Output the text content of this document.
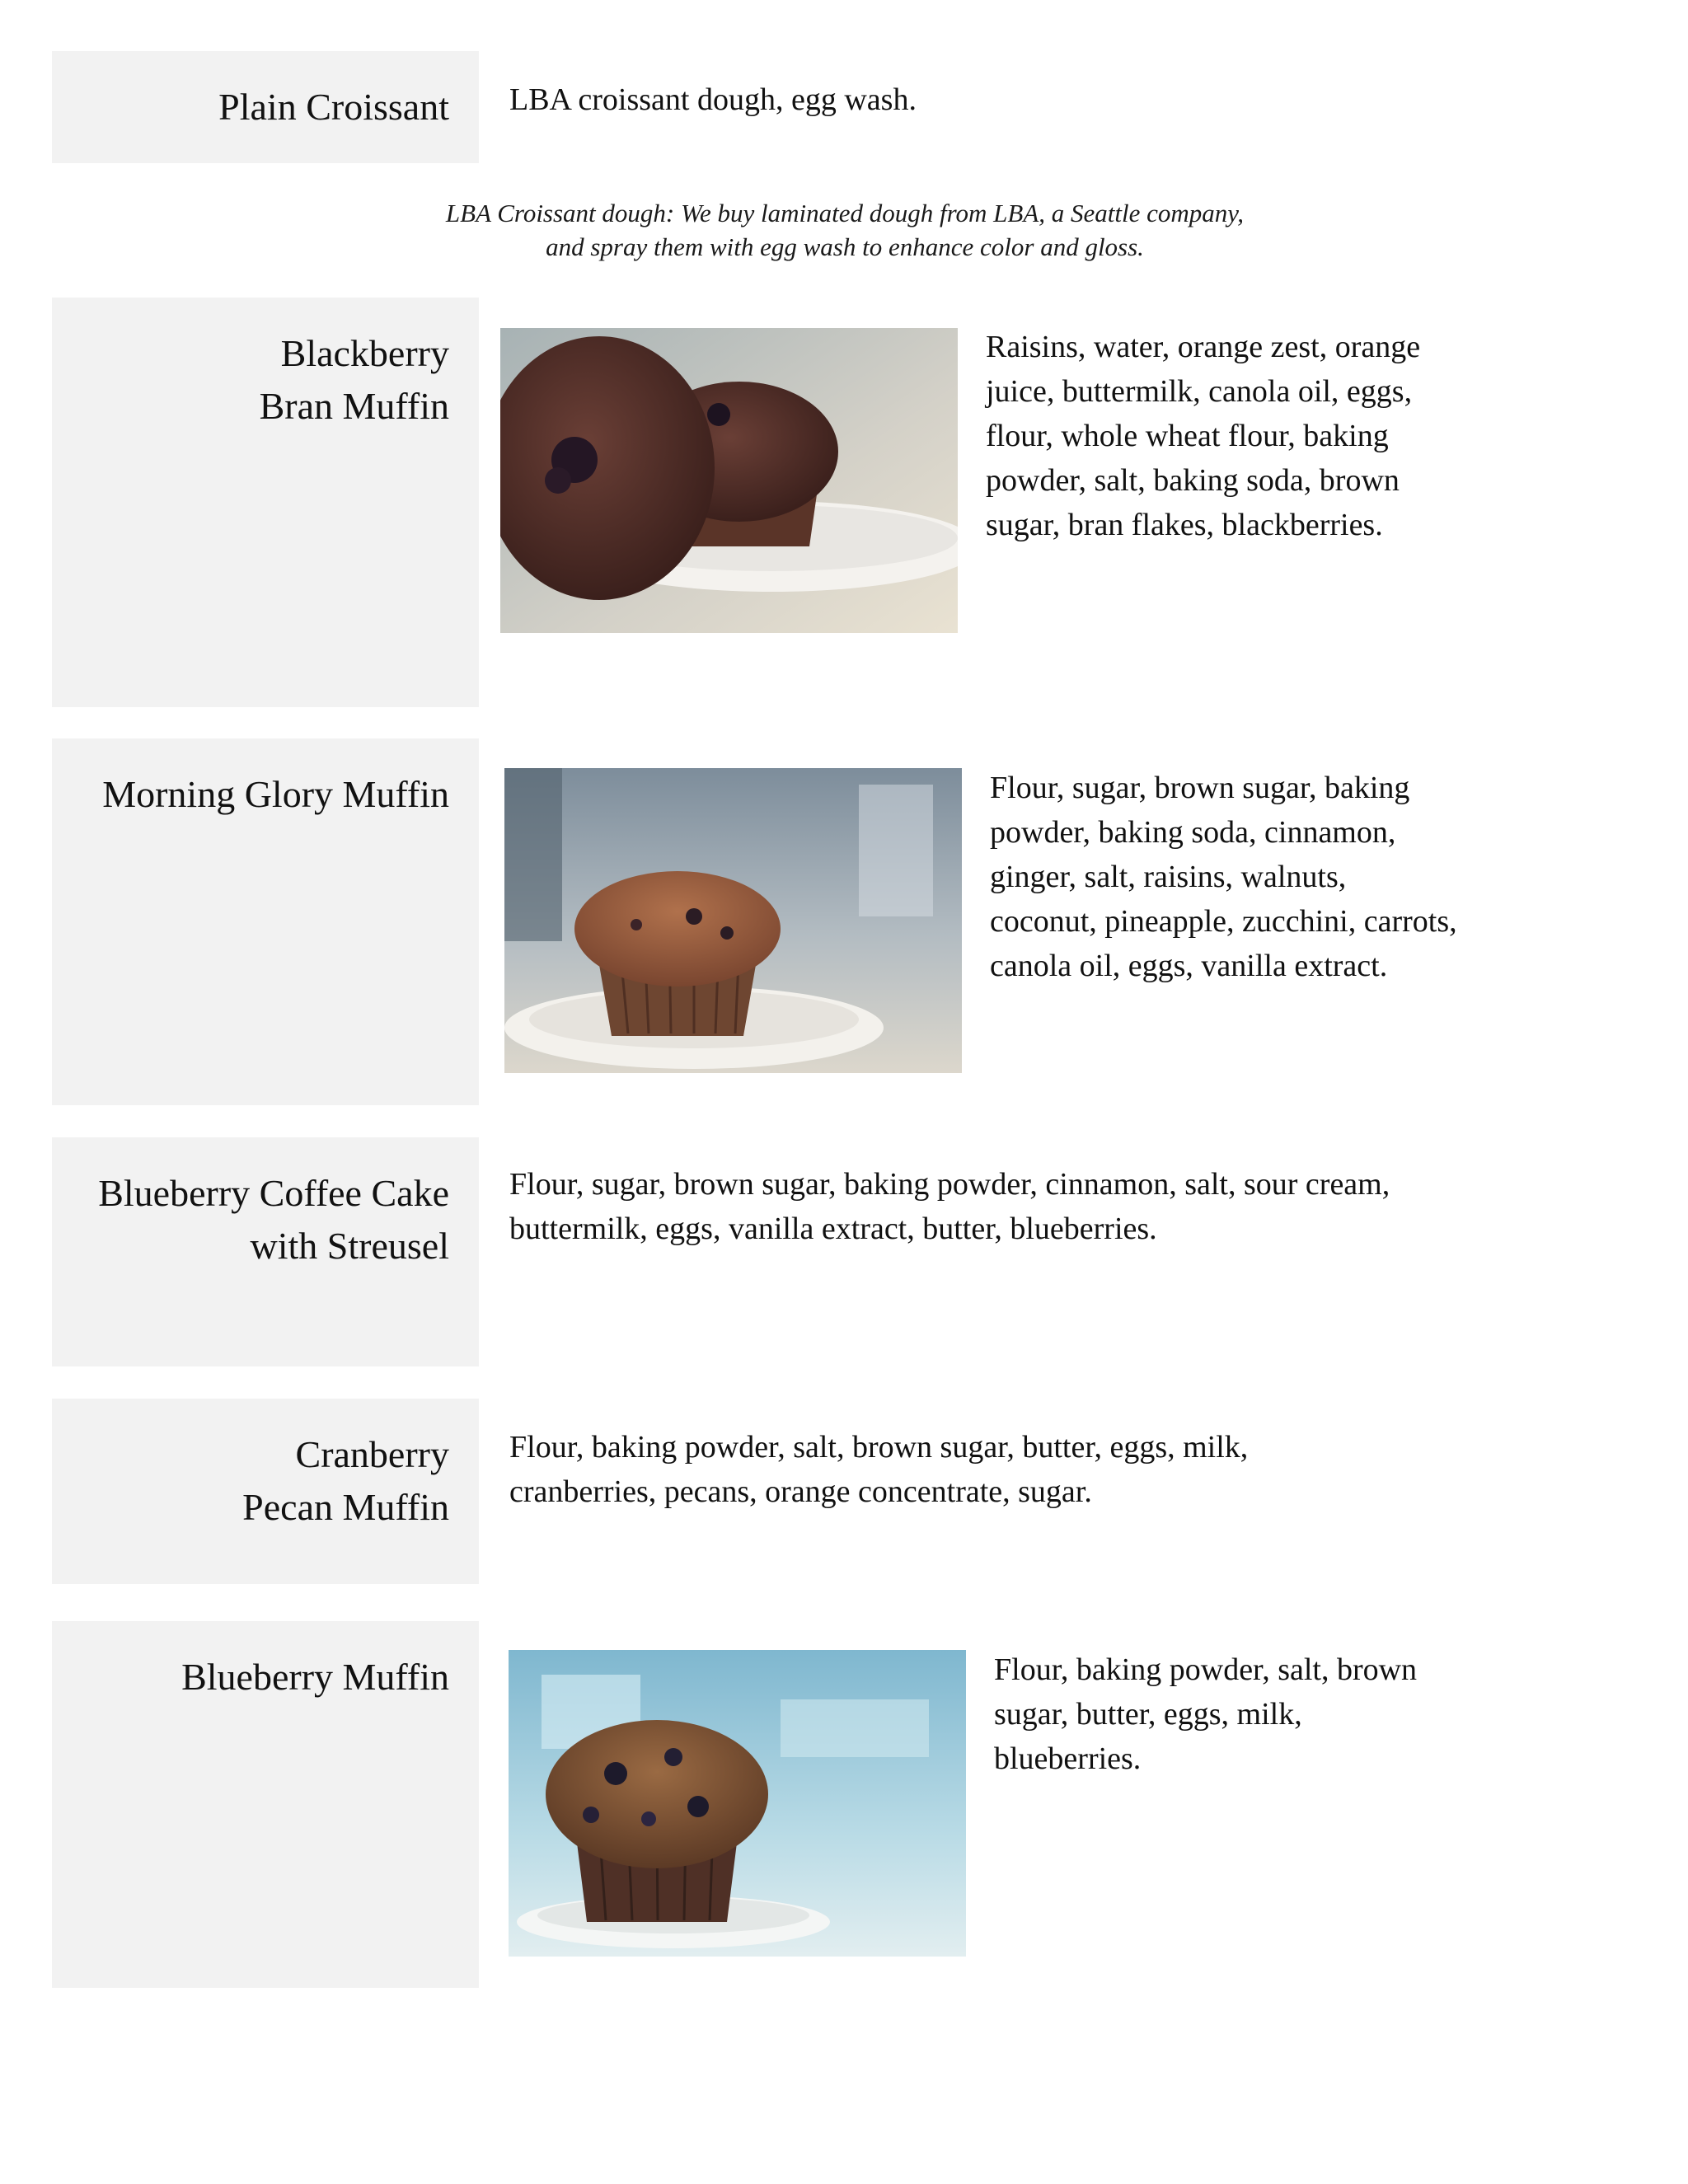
Plain Croissant LBA croissant dough, egg wash.
LBA Croissant dough: We buy laminated dough from LBA, a Seattle company,
and spray them with egg wash to enhance color and gloss.
Blackberry
Bran Muffin
Raisins, water, orange zest, orange
juice, buttermilk, canola oil, eggs,
flour, whole wheat flour, baking
powder, salt, baking soda, brown
sugar, bran flakes, blackberries.
Morning Glory Muffin	Flour, sugar, brown sugar, baking
powder, baking soda, cinnamon,
ginger, salt, raisins, walnuts,
coconut, pineapple, zucchini, carrots,
canola oil, eggs, vanilla extract.
Blueberry Coffee Cake
with Streusel
Flour, sugar, brown sugar, baking powder, cinnamon, salt, sour cream,
buttermilk, eggs, vanilla extract, butter, blueberries.
Cranberry
Pecan Muffin
Flour, baking powder, salt, brown sugar, butter, eggs, milk,
cranberries, pecans, orange concentrate, sugar.
Blueberry Muffin	Flour, baking powder, salt, brown
sugar, butter, eggs, milk,
blueberries.
